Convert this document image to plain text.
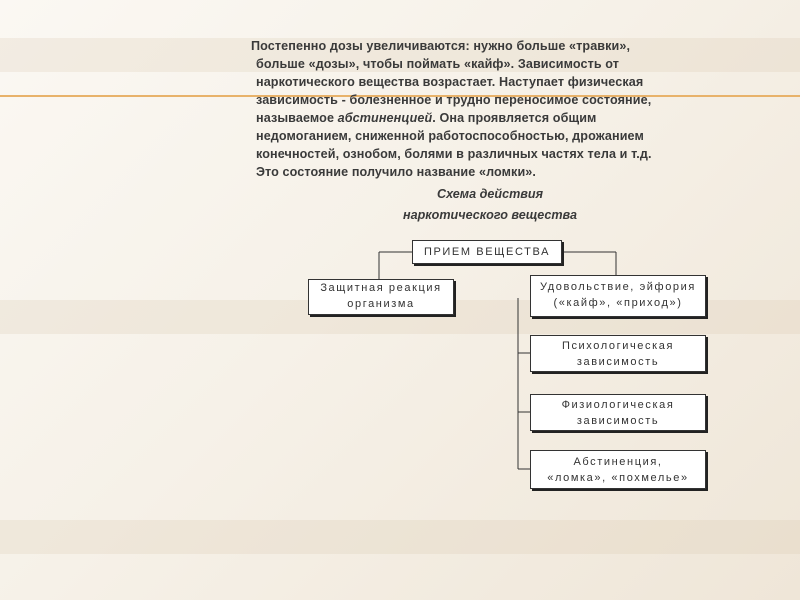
Постепенно дозы увеличиваются: нужно больше «травки»,
больше «дозы», чтобы поймать «кайф». Зависимость от
наркотического вещества возрастает. Наступает физическая
зависимость - болезненное и трудно переносимое состояние,
называемое абстиненцией. Она проявляется общим
недомоганием, сниженной работоспособностью, дрожанием
конечностей, ознобом, болями в различных частях тела и т.д.
Это состояние получило название «ломки».
Схема действия
наркотического вещества
ПРИЕМ ВЕЩЕСТВА
Защитная реакция
организма
Удовольствие, эйфория
(«кайф», «приход»)
Психологическая
зависимость
Физиологическая
зависимость
Абстиненция,
«ломка», «похмелье»
